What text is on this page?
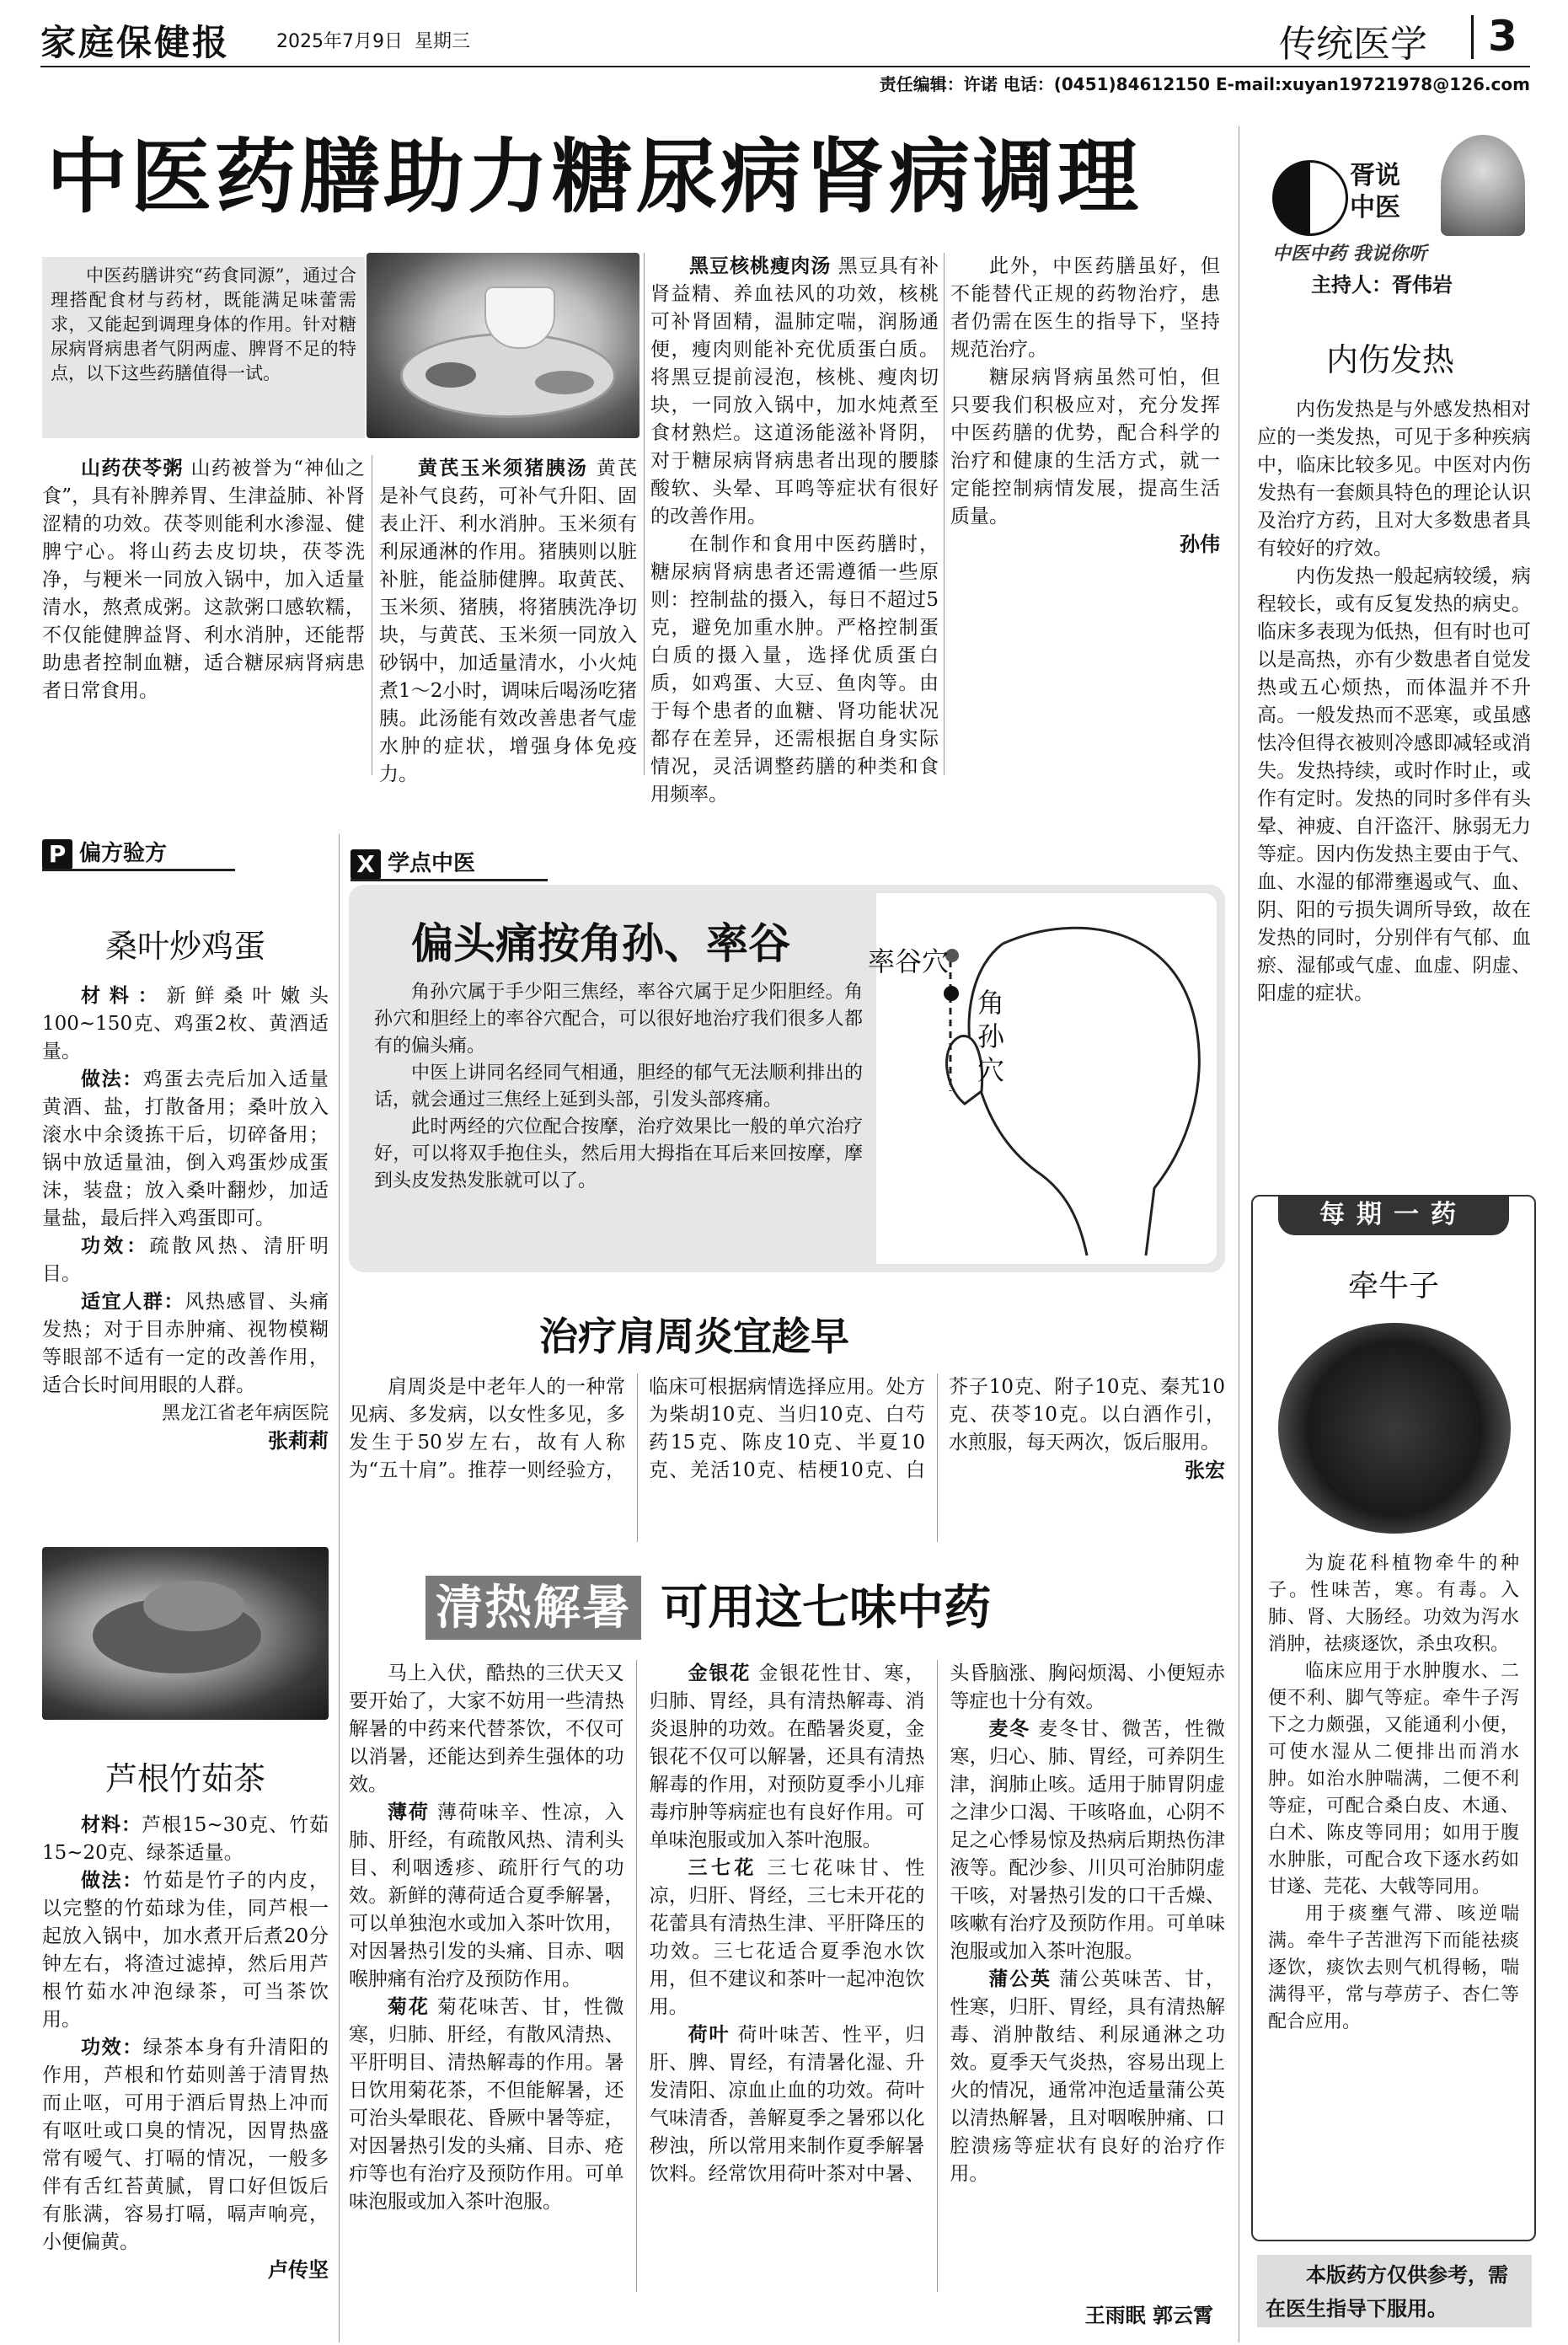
家庭保健报 2025年7月9日 星期三	传统医学 3
责任编辑：许诺 电话：(0451)84612150 E-mail:xuyan19721978@126.com
中医药膳助力糖尿病肾病调理
中医药膳讲究“药食同源”，通过合理搭配食材与药材，既能满足味蕾需求，又能起到调理身体的作用。针对糖尿病肾病患者气阴两虚、脾肾不足的特点，以下这些药膳值得一试。

山药茯苓粥 山药被誉为“神仙之食”，具有补脾养胃、生津益肺、补肾涩精的功效。茯苓则能利水渗湿、健脾宁心。将山药去皮切块，茯苓洗净，与粳米一同放入锅中，加入适量清水，熬煮成粥。这款粥口感软糯，不仅能健脾益肾、利水消肿，还能帮助患者控制血糖，适合糖尿病肾病患者日常食用。

黄芪玉米须猪胰汤 黄芪是补气良药，可补气升阳、固表止汗、利水消肿。玉米须有利尿通淋的作用。猪胰则以脏补脏，能益肺健脾。取黄芪、玉米须、猪胰，将猪胰洗净切块，与黄芪、玉米须一同放入砂锅中，加适量清水，小火炖煮1～2小时，调味后喝汤吃猪胰。此汤能有效改善患者气虚水肿的症状，增强身体免疫力。

黑豆核桃瘦肉汤 黑豆具有补肾益精、养血祛风的功效，核桃可补肾固精，温肺定喘，润肠通便，瘦肉则能补充优质蛋白质。将黑豆提前浸泡，核桃、瘦肉切块，一同放入锅中，加水炖煮至食材熟烂。这道汤能滋补肾阴，对于糖尿病肾病患者出现的腰膝酸软、头晕、耳鸣等症状有很好的改善作用。

在制作和食用中医药膳时，糖尿病肾病患者还需遵循一些原则：控制盐的摄入，每日不超过5克，避免加重水肿。严格控制蛋白质的摄入量，选择优质蛋白质，如鸡蛋、大豆、鱼肉等。由于每个患者的血糖、肾功能状况都存在差异，还需根据自身实际情况，灵活调整药膳的种类和食用频率。

此外，中医药膳虽好，但不能替代正规的药物治疗，患者仍需在医生的指导下，坚持规范治疗。

糖尿病肾病虽然可怕，但只要我们积极应对，充分发挥中医药膳的优势，配合科学的治疗和健康的生活方式，就一定能控制病情发展，提高生活质量。

孙伟
胥说中医
中医中药 我说你听
主持人：胥伟岩
内伤发热

内伤发热是与外感发热相对应的一类发热，可见于多种疾病中，临床比较多见。中医对内伤发热有一套颇具特色的理论认识及治疗方药，且对大多数患者具有较好的疗效。

内伤发热一般起病较缓，病程较长，或有反复发热的病史。临床多表现为低热，但有时也可以是高热，亦有少数患者自觉发热或五心烦热，而体温并不升高。一般发热而不恶寒，或虽感怯冷但得衣被则冷感即减轻或消失。发热持续，或时作时止，或作有定时。发热的同时多伴有头晕、神疲、自汗盗汗、脉弱无力等症。因内伤发热主要由于气、血、水湿的郁滞壅遏或气、血、阴、阳的亏损失调所导致，故在发热的同时，分别伴有气郁、血瘀、湿郁或气虚、血虚、阴虚、阳虚的症状。

每期一药
牵牛子

为旋花科植物牵牛的种子。性味苦，寒。有毒。入肺、肾、大肠经。功效为泻水消肿，祛痰逐饮，杀虫攻积。

临床应用于水肿腹水、二便不利、脚气等症。牵牛子泻下之力颇强，又能通利小便，可使水湿从二便排出而消水肿。如治水肿喘满，二便不利等症，可配合桑白皮、木通、白术、陈皮等同用；如用于腹水肿胀，可配合攻下逐水药如甘遂、芫花、大戟等同用。

用于痰壅气滞、咳逆喘满。牵牛子苦泄泻下而能祛痰逐饮，痰饮去则气机得畅，喘满得平，常与葶苈子、杏仁等配合应用。

本版药方仅供参考，需在医生指导下服用。
P 偏方验方
桑叶炒鸡蛋

材料：新鲜桑叶嫩头100~150克、鸡蛋2枚、黄酒适量。

做法：鸡蛋去壳后加入适量黄酒、盐，打散备用；桑叶放入滚水中余烫拣干后，切碎备用；锅中放适量油，倒入鸡蛋炒成蛋沫，装盘；放入桑叶翻炒，加适量盐，最后拌入鸡蛋即可。

功效：疏散风热、清肝明目。

适宜人群：风热感冒、头痛发热；对于目赤肿痛、视物模糊等眼部不适有一定的改善作用，适合长时间用眼的人群。

黑龙江省老年病医院
张莉莉
芦根竹茹茶

材料：芦根15~30克、竹茹15~20克、绿茶适量。

做法：竹茹是竹子的内皮，以完整的竹茹球为佳，同芦根一起放入锅中，加水煮开后煮20分钟左右，将渣过滤掉，然后用芦根竹茹水冲泡绿茶，可当茶饮用。

功效：绿茶本身有升清阳的作用，芦根和竹茹则善于清胃热而止呕，可用于酒后胃热上冲而有呕吐或口臭的情况，因胃热盛常有嗳气、打嗝的情况，一般多伴有舌红苔黄腻，胃口好但饭后有胀满，容易打嗝，嗝声响亮，小便偏黄。

卢传坚
X 学点中医
偏头痛按角孙、率谷

角孙穴属于手少阳三焦经，率谷穴属于足少阳胆经。角孙穴和胆经上的率谷穴配合，可以很好地治疗我们很多人都有的偏头痛。

中医上讲同名经同气相通，胆经的郁气无法顺利排出的话，就会通过三焦经上延到头部，引发头部疼痛。

此时两经的穴位配合按摩，治疗效果比一般的单穴治疗好，可以将双手抱住头，然后用大拇指在耳后来回按摩，摩到头皮发热发胀就可以了。

率谷穴
角孙穴
治疗肩周炎宜趁早

肩周炎是中老年人的一种常见病、多发病，以女性多见，多发生于50岁左右，故有人称为“五十肩”。推荐一则经验方，临床可根据病情选择应用。处方为柴胡10克、当归10克、白芍药15克、陈皮10克、半夏10克、羌活10克、桔梗10克、白芥子10克、附子10克、秦艽10克、茯苓10克。以白酒作引，水煎服，每天两次，饭后服用。

张宏
清热解暑 可用这七味中药

马上入伏，酷热的三伏天又要开始了，大家不妨用一些清热解暑的中药来代替茶饮，不仅可以消暑，还能达到养生强体的功效。

薄荷 薄荷味辛、性凉，入肺、肝经，有疏散风热、清利头目、利咽透疹、疏肝行气的功效。新鲜的薄荷适合夏季解暑，可以单独泡水或加入茶叶饮用，对因暑热引发的头痛、目赤、咽喉肿痛有治疗及预防作用。

菊花 菊花味苦、甘，性微寒，归肺、肝经，有散风清热、平肝明目、清热解毒的作用。暑日饮用菊花茶，不但能解暑，还可治头晕眼花、昏厥中暑等症，对因暑热引发的头痛、目赤、疮疖等也有治疗及预防作用。可单味泡服或加入茶叶泡服。

金银花 金银花性甘、寒，归肺、胃经，具有清热解毒、消炎退肿的功效。在酷暑炎夏，金银花不仅可以解暑，还具有清热解毒的作用，对预防夏季小儿痱毒疖肿等病症也有良好作用。可单味泡服或加入茶叶泡服。

三七花 三七花味甘、性凉，归肝、肾经，三七未开花的花蕾具有清热生津、平肝降压的功效。三七花适合夏季泡水饮用，但不建议和茶叶一起冲泡饮用。

荷叶 荷叶味苦、性平，归肝、脾、胃经，有清暑化湿、升发清阳、凉血止血的功效。荷叶气味清香，善解夏季之暑邪以化秽浊，所以常用来制作夏季解暑饮料。经常饮用荷叶茶对中暑、头昏脑涨、胸闷烦渴、小便短赤等症也十分有效。

麦冬 麦冬甘、微苦，性微寒，归心、肺、胃经，可养阴生津，润肺止咳。适用于肺胃阴虚之津少口渴、干咳咯血，心阴不足之心悸易惊及热病后期热伤津液等。配沙参、川贝可治肺阴虚干咳，对暑热引发的口干舌燥、咳嗽有治疗及预防作用。可单味泡服或加入茶叶泡服。

蒲公英 蒲公英味苦、甘，性寒，归肝、胃经，具有清热解毒、消肿散结、利尿通淋之功效。夏季天气炎热，容易出现上火的情况，通常冲泡适量蒲公英以清热解暑，且对咽喉肿痛、口腔溃疡等症状有良好的治疗作用。

王雨眠 郭云霄
